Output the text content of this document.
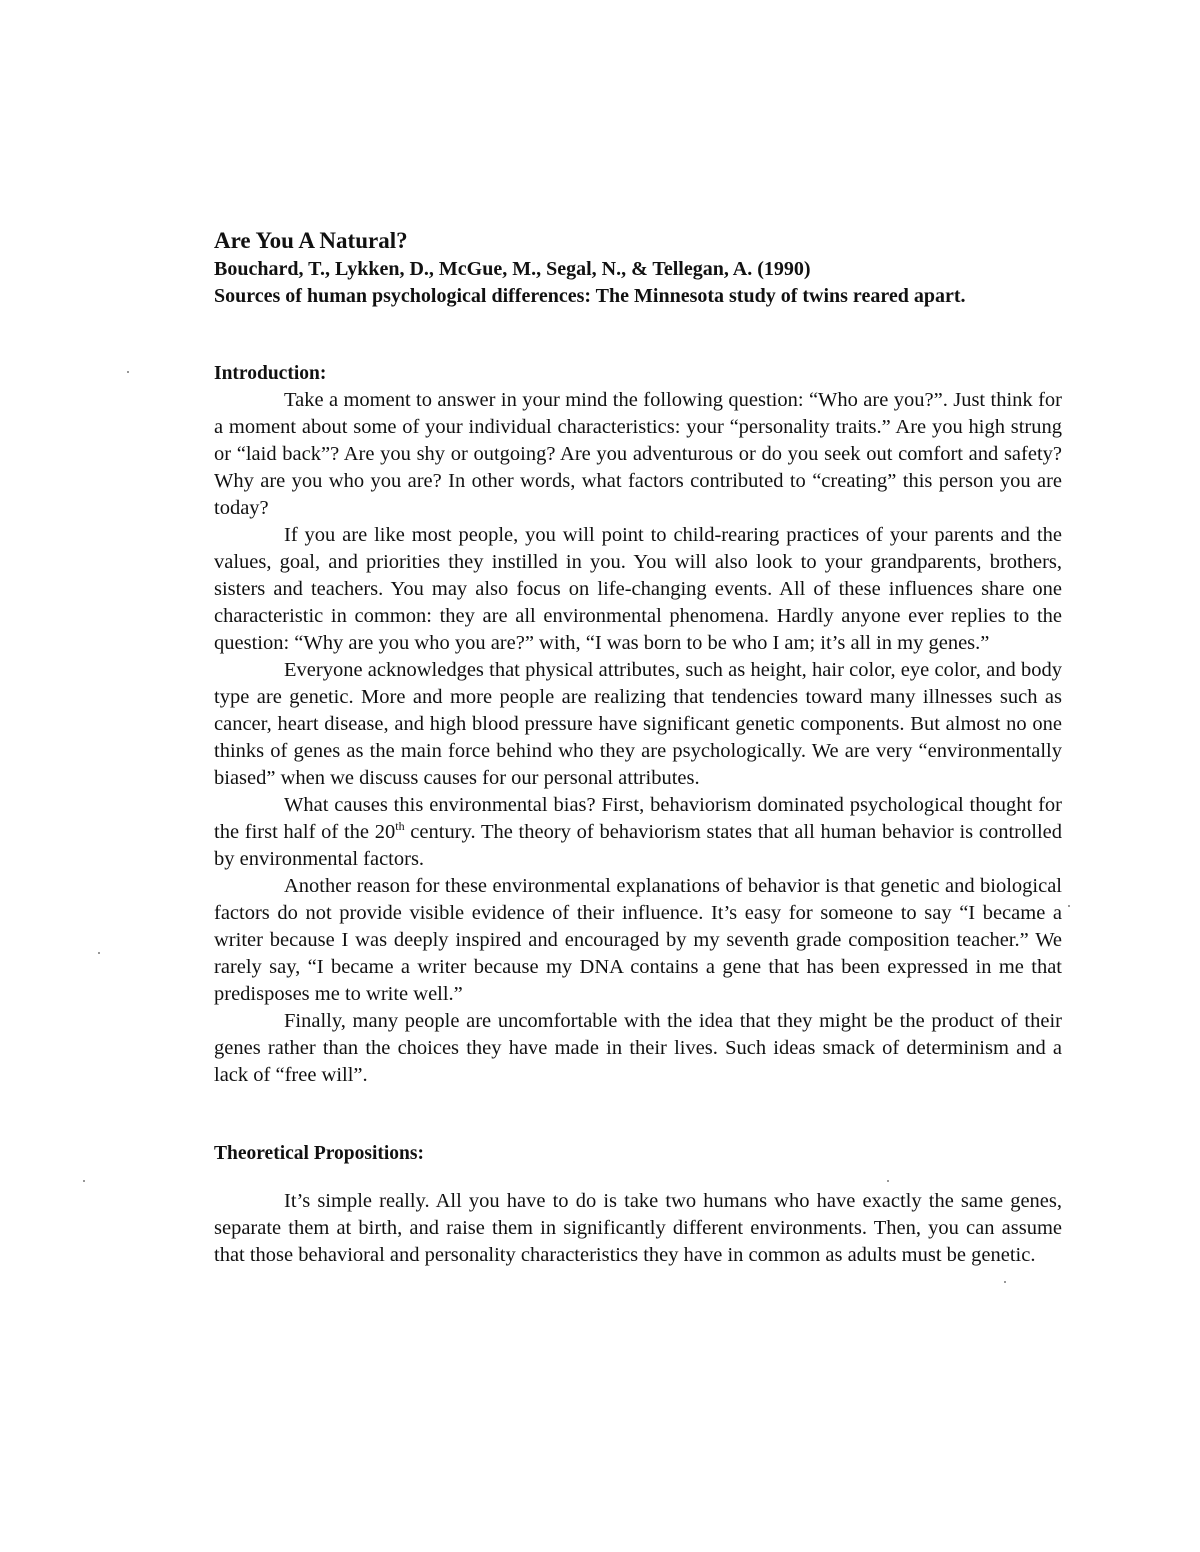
Are You A Natural?

Bouchard, T., Lykken, D., McGue, M., Segal, N., & Tellegan, A. (1990)

Sources of human psychological differences: The Minnesota study of twins reared apart.

Introduction:

Take a moment to answer in your mind the following question: “Who are you?”. Just think for a moment about some of your individual characteristics: your “personality traits.” Are you high strung or “laid back”? Are you shy or outgoing? Are you adventurous or do you seek out comfort and safety? Why are you who you are? In other words, what factors contributed to “creating” this person you are today?

If you are like most people, you will point to child-rearing practices of your parents and the values, goal, and priorities they instilled in you. You will also look to your grandparents, brothers, sisters and teachers. You may also focus on life-changing events. All of these influences share one characteristic in common: they are all environmental phenomena. Hardly anyone ever replies to the question: “Why are you who you are?” with, “I was born to be who I am; it’s all in my genes.”

Everyone acknowledges that physical attributes, such as height, hair color, eye color, and body type are genetic. More and more people are realizing that tendencies toward many illnesses such as cancer, heart disease, and high blood pressure have significant genetic components. But almost no one thinks of genes as the main force behind who they are psychologically. We are very “environmentally biased” when we discuss causes for our personal attributes.

What causes this environmental bias? First, behaviorism dominated psychological thought for the first half of the 20th century. The theory of behaviorism states that all human behavior is controlled by environmental factors.

Another reason for these environmental explanations of behavior is that genetic and biological factors do not provide visible evidence of their influence. It’s easy for someone to say “I became a writer because I was deeply inspired and encouraged by my seventh grade composition teacher.” We rarely say, “I became a writer because my DNA contains a gene that has been expressed in me that predisposes me to write well.”

Finally, many people are uncomfortable with the idea that they might be the product of their genes rather than the choices they have made in their lives. Such ideas smack of determinism and a lack of “free will”.

Theoretical Propositions:

It’s simple really. All you have to do is take two humans who have exactly the same genes, separate them at birth, and raise them in significantly different environments. Then, you can assume that those behavioral and personality characteristics they have in common as adults must be genetic.
